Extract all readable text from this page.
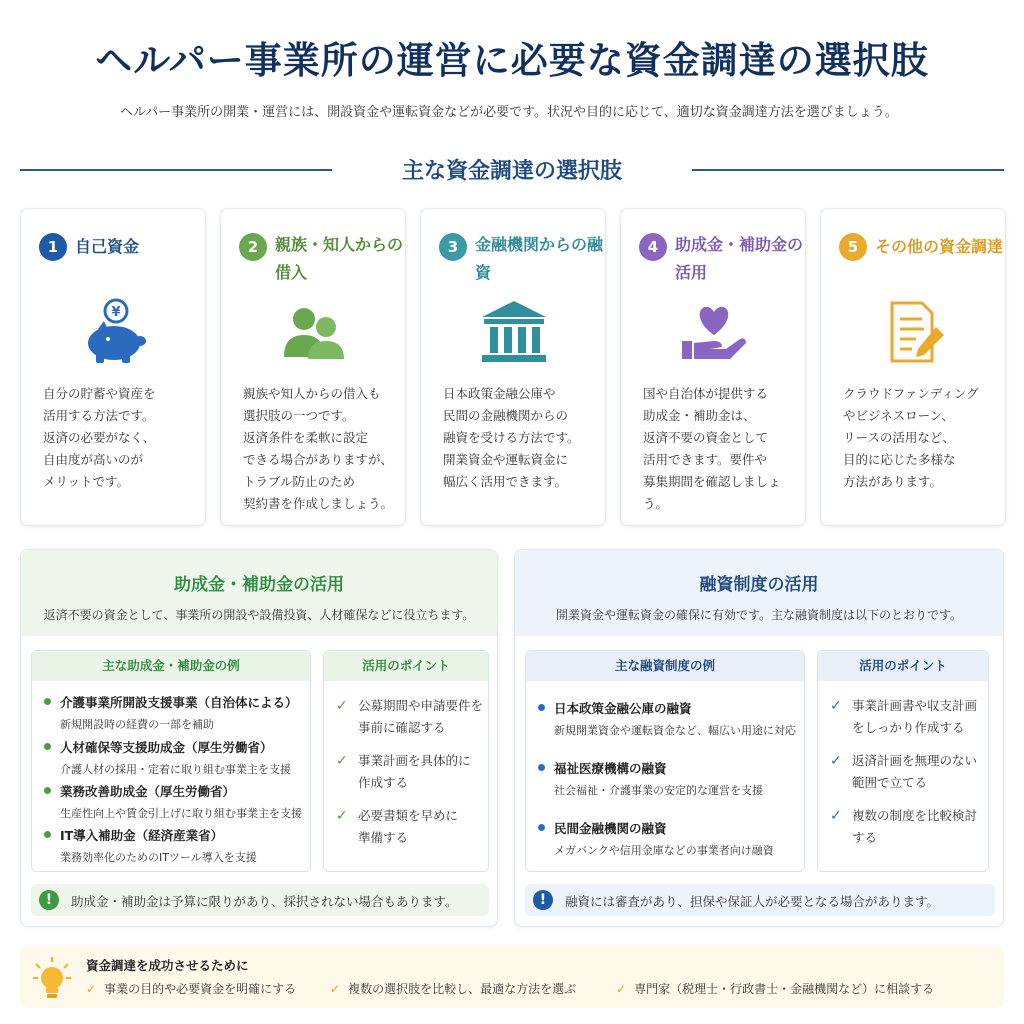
ヘルパー事業所の運営に必要な資金調達の選択肢
ヘルパー事業所の開業・運営には、開設資金や運転資金などが必要です。状況や目的に応じて、適切な資金調達方法を選びましょう。
主な資金調達の選択肢
1	自己資金
¥
自分の貯蓄や資産を
活用する方法です。
返済の必要がなく、
自由度が高いのが
メリットです。
2	親族・知人からの借入
親族や知人からの借入も
選択肢の一つです。
返済条件を柔軟に設定
できる場合がありますが、
トラブル防止のため
契約書を作成しましょう。
3	金融機関からの融資
日本政策金融公庫や
民間の金融機関からの
融資を受ける方法です。
開業資金や運転資金に
幅広く活用できます。
4	助成金・補助金の活用
国や自治体が提供する
助成金・補助金は、
返済不要の資金として
活用できます。要件や
募集期間を確認しましょう。
5	その他の資金調達
クラウドファンディング
やビジネスローン、
リースの活用など、
目的に応じた多様な
方法があります。
助成金・補助金の活用
返済不要の資金として、事業所の開設や設備投資、人材確保などに役立ちます。
主な助成金・補助金の例
介護事業所開設支援事業（自治体による）
新規開設時の経費の一部を補助
人材確保等支援助成金（厚生労働省）
介護人材の採用・定着に取り組む事業主を支援
業務改善助成金（厚生労働省）
生産性向上や賃金引上げに取り組む事業主を支援
IT導入補助金（経済産業省）
業務効率化のためのITツール導入を支援
活用のポイント
✓ 公募期間や申請要件を
事前に確認する
✓ 事業計画を具体的に
作成する
✓ 必要書類を早めに
準備する
!	助成金・補助金は予算に限りがあり、採択されない場合もあります。
融資制度の活用
開業資金や運転資金の確保に有効です。主な融資制度は以下のとおりです。
主な融資制度の例
日本政策金融公庫の融資
新規開業資金や運転資金など、幅広い用途に対応
福祉医療機構の融資
社会福祉・介護事業の安定的な運営を支援
民間金融機関の融資
メガバンクや信用金庫などの事業者向け融資
活用のポイント
✓ 事業計画書や収支計画
をしっかり作成する
✓ 返済計画を無理のない
範囲で立てる
✓ 複数の制度を比較検討
する
!	融資には審査があり、担保や保証人が必要となる場合があります。
資金調達を成功させるために
✓ 事業の目的や必要資金を明確にする	✓ 複数の選択肢を比較し、最適な方法を選ぶ	✓ 専門家（税理士・行政書士・金融機関など）に相談する
